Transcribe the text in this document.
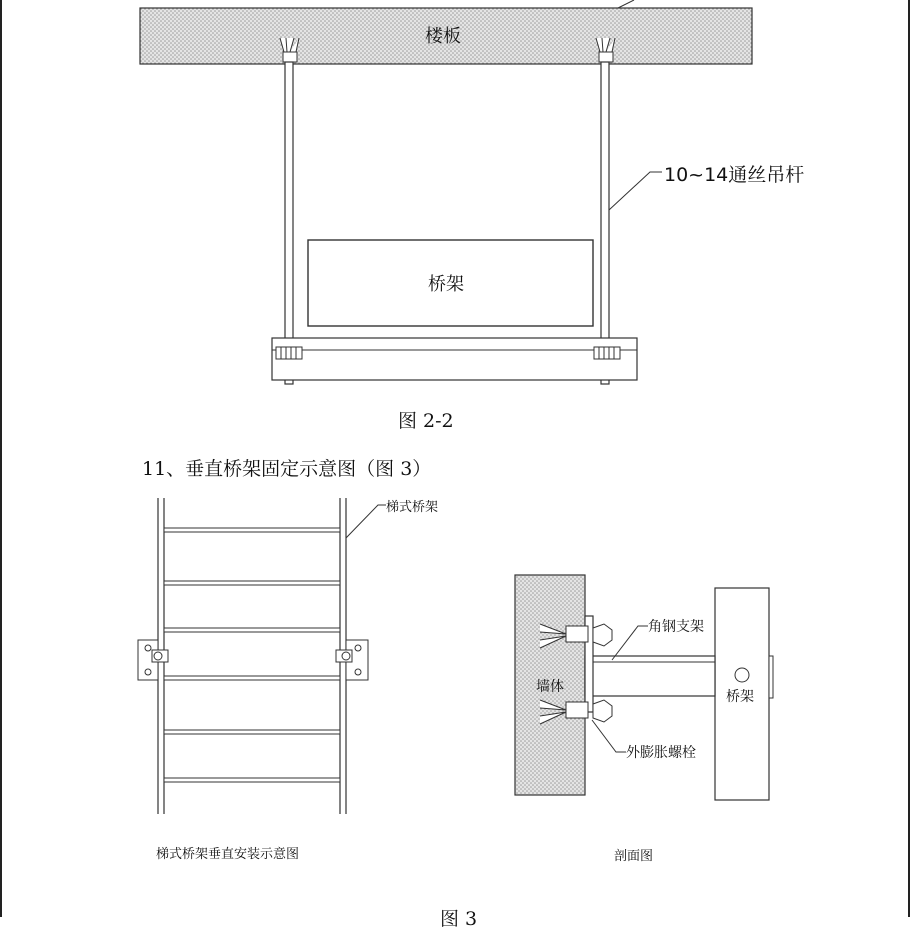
楼板
10~14通丝吊杆
桥架
图 2-2
11、垂直桥架固定示意图（图 3）
梯式桥架
梯式桥架垂直安装示意图
角钢支架
墙体
桥架
外膨胀螺栓
剖面图
图 3
